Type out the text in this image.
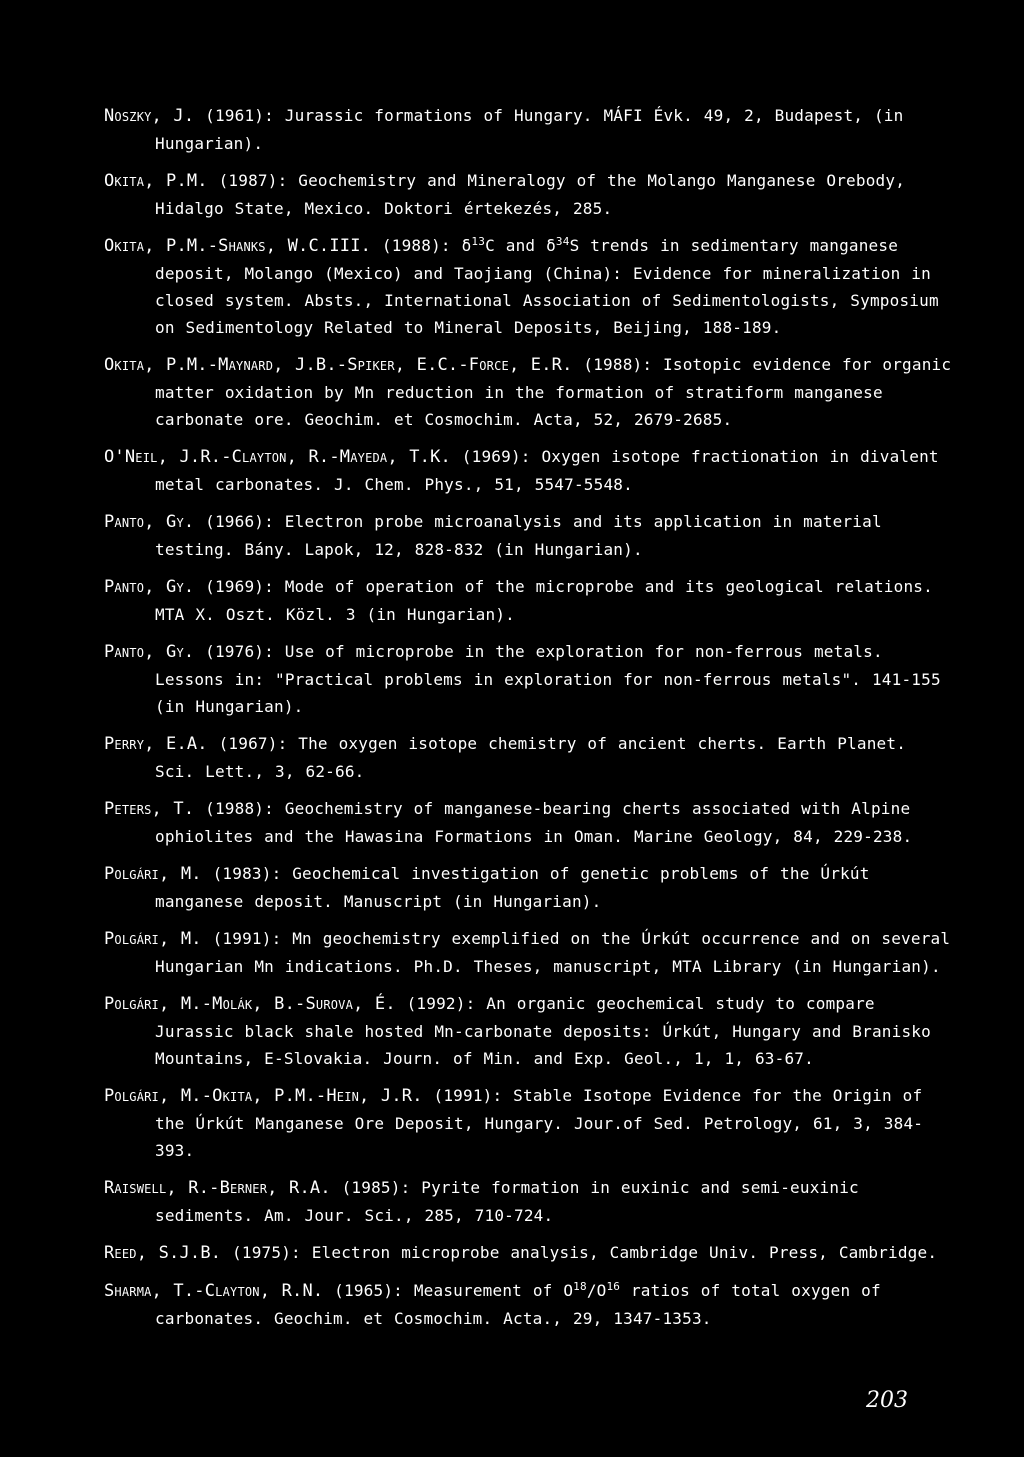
Noszky, J. (1961): Jurassic formations of Hungary. MÁFI Évk. 49, 2, Budapest, (in Hungarian).

Okita, P.M. (1987): Geochemistry and Mineralogy of the Molango Manganese Orebody, Hidalgo State, Mexico. Doktori értekezés, 285.

Okita, P.M.-Shanks, W.C.III. (1988): $\delta^{13}C$ and $\delta^{34}S$ trends in sedimentary manganese deposit, Molango (Mexico) and Taojiang (China): Evidence for mineralization in closed system. Absts., International Association of Sedimentologists, Symposium on Sedimentology Related to Mineral Deposits, Beijing, 188-189.

Okita, P.M.-Maynard, J.B.-Spiker, E.C.-Force, E.R. (1988): Isotopic evidence for organic matter oxidation by Mn reduction in the formation of stratiform manganese carbonate ore. Geochim. et Cosmochim. Acta, 52, 2679-2685.

O'Neil, J.R.-Clayton, R.-Mayeda, T.K. (1969): Oxygen isotope fractionation in divalent metal carbonates. J. Chem. Phys., 51, 5547-5548.

Panto, Gy. (1966): Electron probe microanalysis and its application in material testing. Bány. Lapok, 12, 828-832 (in Hungarian).

Panto, Gy. (1969): Mode of operation of the microprobe and its geological relations. MTA X. Oszt. Közl. 3 (in Hungarian).

Panto, Gy. (1976): Use of microprobe in the exploration for non-ferrous metals. Lessons in: "Practical problems in exploration for non-ferrous metals". 141-155 (in Hungarian).

Perry, E.A. (1967): The oxygen isotope chemistry of ancient cherts. Earth Planet. Sci. Lett., 3, 62-66.

Peters, T. (1988): Geochemistry of manganese-bearing cherts associated with Alpine ophiolites and the Hawasina Formations in Oman. Marine Geology, 84, 229-238.

Polgári, M. (1983): Geochemical investigation of genetic problems of the Úrkút manganese deposit. Manuscript (in Hungarian).

Polgári, M. (1991): Mn geochemistry exemplified on the Úrkút occurrence and on several Hungarian Mn indications. Ph.D. Theses, manuscript, MTA Library (in Hungarian).

Polgári, M.-Molák, B.-Surova, É. (1992): An organic geochemical study to compare Jurassic black shale hosted Mn-carbonate deposits: Úrkút, Hungary and Branisko Mountains, E-Slovakia. Journ. of Min. and Exp. Geol., 1, 1, 63-67.

Polgári, M.-Okita, P.M.-Hein, J.R. (1991): Stable Isotope Evidence for the Origin of the Úrkút Manganese Ore Deposit, Hungary. Jour.of Sed. Petrology, 61, 3, 384-393.

Raiswell, R.-Berner, R.A. (1985): Pyrite formation in euxinic and semi-euxinic sediments. Am. Jour. Sci., 285, 710-724.

Reed, S.J.B. (1975): Electron microprobe analysis, Cambridge Univ. Press, Cambridge.

Sharma, T.-Clayton, R.N. (1965): Measurement of $O^{18}/O^{16}$ ratios of total oxygen of carbonates. Geochim. et Cosmochim. Acta., 29, 1347-1353.

203
